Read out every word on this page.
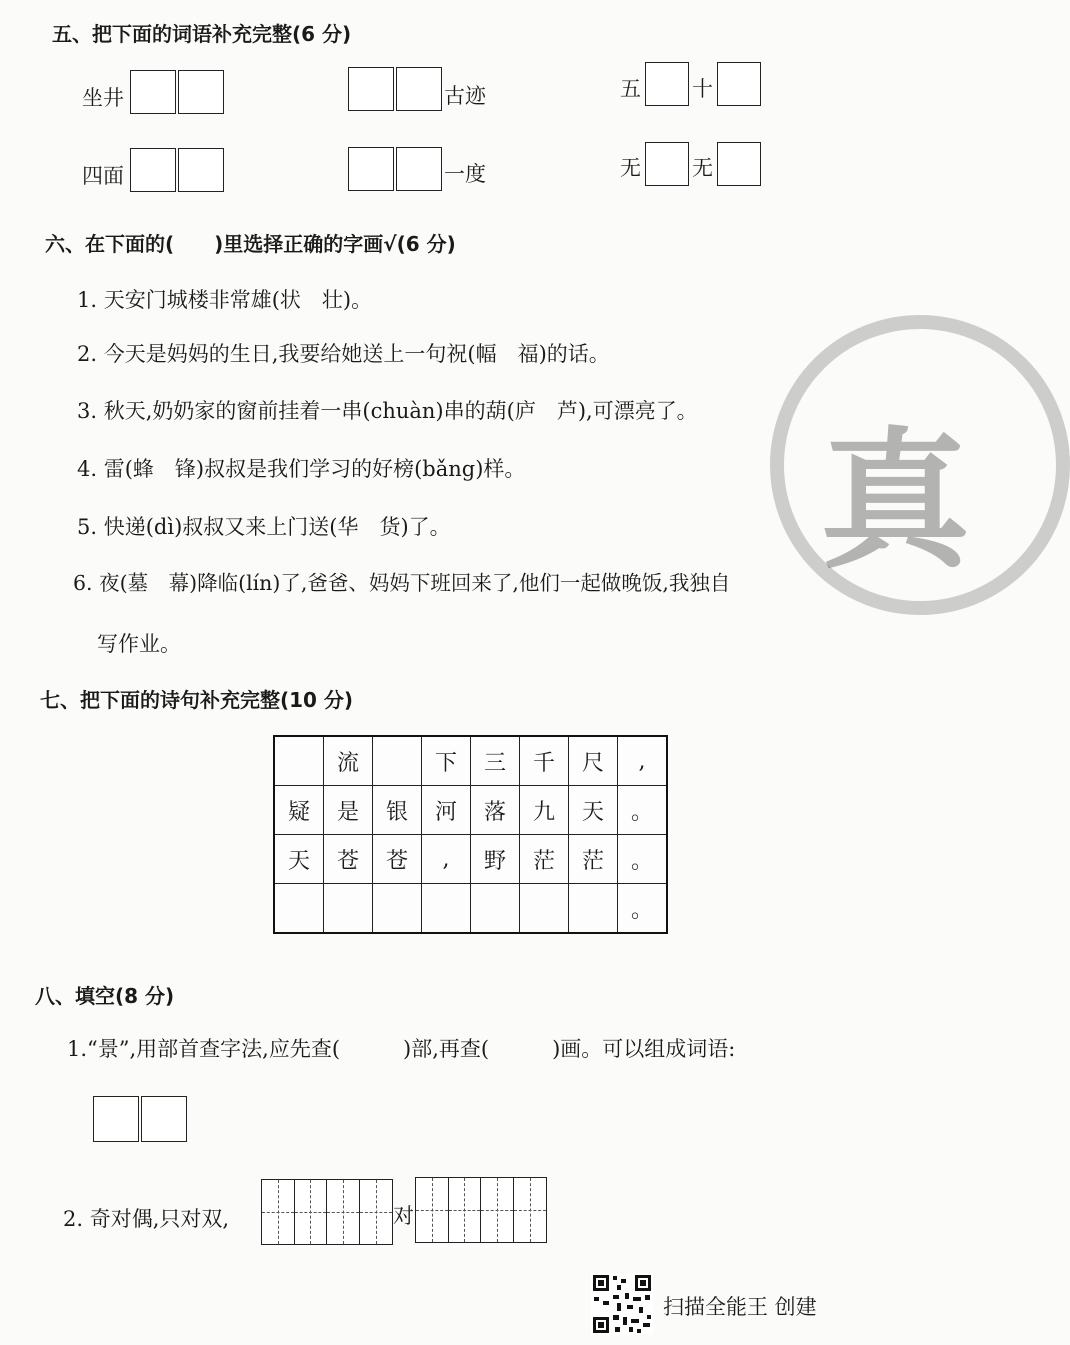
五、把下面的词语补充完整(6 分)
坐井	古迹	五 十
四面	一度	无 无
六、在下面的(　　)里选择正确的字画√(6 分)
1. 天安门城楼非常雄(状　壮)。
2. 今天是妈妈的生日,我要给她送上一句祝(幅　福)的话。
3. 秋天,奶奶家的窗前挂着一串(chuàn)串的葫(庐　芦),可漂亮了。
4. 雷(蜂　锋)叔叔是我们学习的好榜(bǎng)样。
5. 快递(dì)叔叔又来上门送(华　货)了。
6. 夜(墓　幕)降临(lín)了,爸爸、妈妈下班回来了,他们一起做晚饭,我独自
写作业。
真
七、把下面的诗句补充完整(10 分)
	流		下	三	千	尺	,
疑	是	银	河	落	九	天	。
天	苍	苍	,	野	茫	茫	。
							。
八、填空(8 分)
1.“景”,用部首查字法,应先查(　　　)部,再查(　　　)画。可以组成词语:
2. 奇对偶,只对双,	对
扫描全能王 创建
